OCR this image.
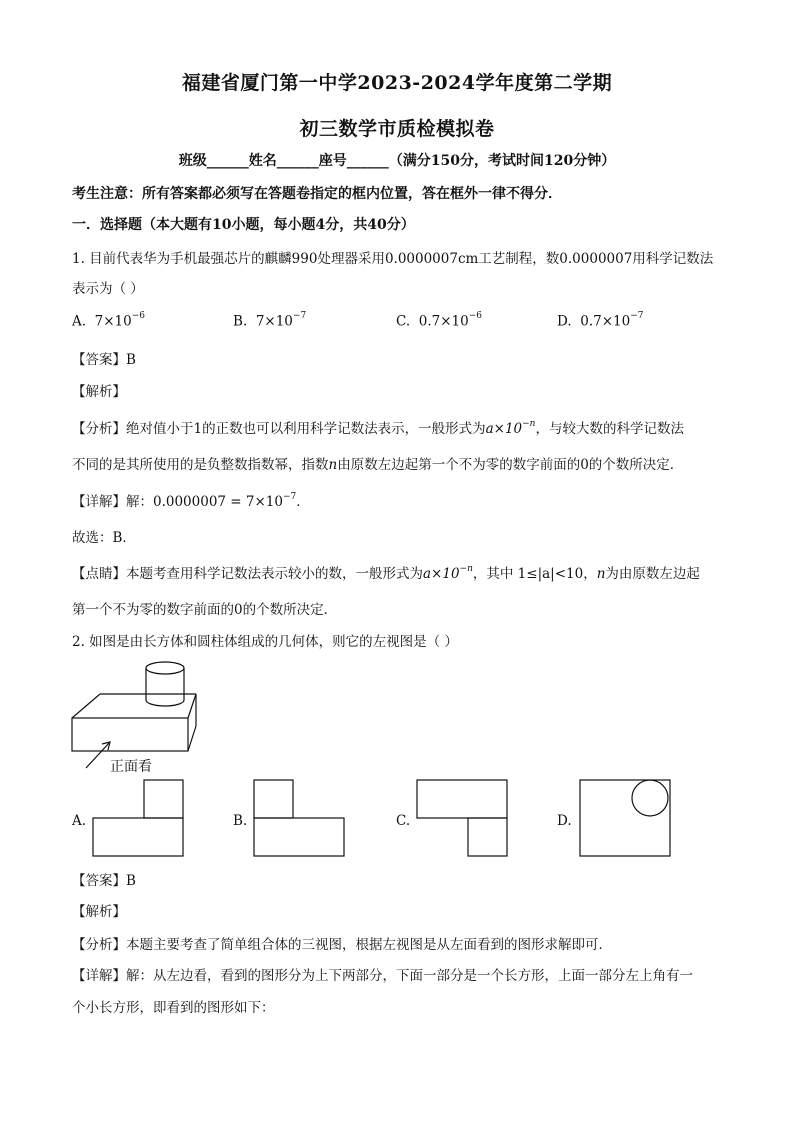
福建省厦门第一中学2023-2024学年度第二学期
初三数学市质检模拟卷
班级______姓名______座号______（满分150分，考试时间120分钟）
考生注意：所有答案都必须写在答题卷指定的框内位置，答在框外一律不得分．
一．选择题（本大题有10小题，每小题4分，共40分）
1. 目前代表华为手机最强芯片的麒麟990处理器采用0.0000007cm工艺制程，数0.0000007用科学记数法
表示为（ ）
A. $7\times 10^{-6}$	B. $7\times 10^{-7}$	C. $0.7\times 10^{-6}$	D. $0.7\times 10^{-7}$
【答案】B
【解析】
【分析】绝对值小于1的正数也可以利用科学记数法表示，一般形式为$a\times 10^{-n}$，与较大数的科学记数法
不同的是其所使用的是负整数指数幂，指数n由原数左边起第一个不为零的数字前面的0的个数所决定．
【详解】解：$0.0000007 = 7\times 10^{-7}$．
故选：B．
【点睛】本题考查用科学记数法表示较小的数，一般形式为$a\times 10^{-n}$，其中 1≤|a|<10，n为由原数左边起
第一个不为零的数字前面的0的个数所决定．
2. 如图是由长方体和圆柱体组成的几何体，则它的左视图是（ ）
正面看
A.	B.	C.	D.
【答案】B
【解析】
【分析】本题主要考查了简单组合体的三视图，根据左视图是从左面看到的图形求解即可．
【详解】解：从左边看，看到的图形分为上下两部分，下面一部分是一个长方形，上面一部分左上角有一
个小长方形，即看到的图形如下：
